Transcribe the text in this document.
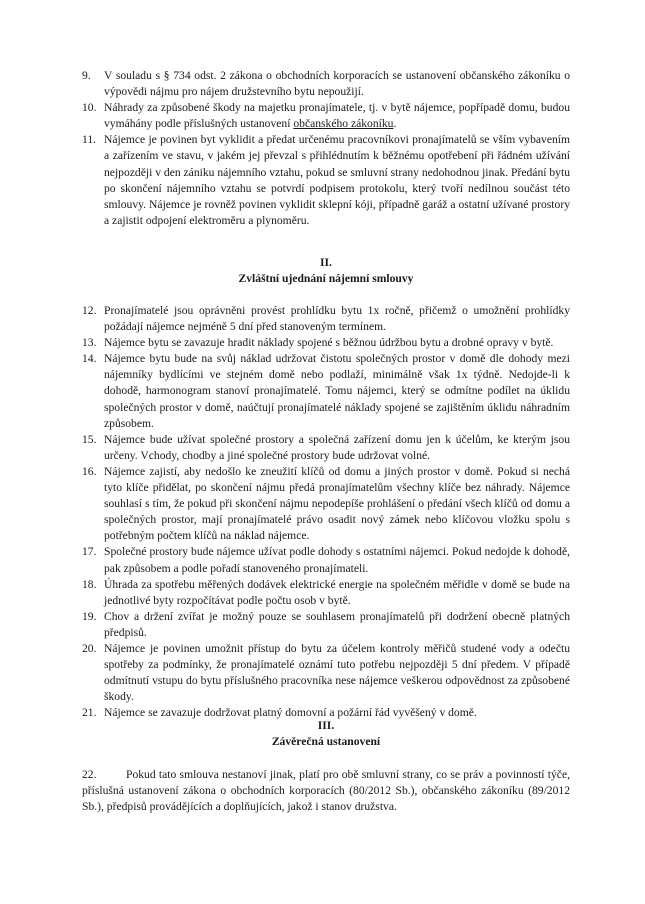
9. V souladu s § 734 odst. 2 zákona o obchodních korporacích se ustanovení občanského zákoníku o výpovědi nájmu pro nájem družstevního bytu nepoužijí.
10. Náhrady za způsobené škody na majetku pronajímatele, tj. v bytě nájemce, popřípadě domu, budou vymáhány podle příslušných ustanovení občanského zákoníku.
11. Nájemce je povinen byt vyklidit a předat určenému pracovníkovi pronajímatelů se vším vybavením a zařízením ve stavu, v jakém jej převzal s přihlédnutím k běžnému opotřebení při řádném užívání nejpozději v den zániku nájemního vztahu, pokud se smluvní strany nedohodnou jinak. Předání bytu po skončení nájemního vztahu se potvrdí podpisem protokolu, který tvoří nedílnou součást této smlouvy. Nájemce je rovněž povinen vyklidit sklepní kóji, případně garáž a ostatní užívané prostory a zajistit odpojení elektroměru a plynoměru.
II.
Zvláštní ujednání nájemní smlouvy
12. Pronajímatelé jsou oprávněni provést prohlídku bytu 1x ročně, přičemž o umožnění prohlídky požádají nájemce nejméně 5 dní před stanoveným termínem.
13. Nájemce bytu se zavazuje hradit náklady spojené s běžnou údržbou bytu a drobné opravy v bytě.
14. Nájemce bytu bude na svůj náklad udržovat čistotu společných prostor v domě dle dohody mezi nájemníky bydlícími ve stejném domě nebo podlaží, minimálně však 1x týdně. Nedojde-li k dohodě, harmonogram stanoví pronajímatelé. Tomu nájemci, který se odmítne podílet na úklidu společných prostor v domě, naúčtují pronajímatelé náklady spojené se zajištěním úklidu náhradním způsobem.
15. Nájemce bude užívat společné prostory a společná zařízení domu jen k účelům, ke kterým jsou určeny. Vchody, chodby a jiné společné prostory bude udržovat volné.
16. Nájemce zajistí, aby nedošlo ke zneužití klíčů od domu a jiných prostor v domě. Pokud si nechá tyto klíče přidělat, po skončení nájmu předá pronajímatelům všechny klíče bez náhrady. Nájemce souhlasí s tím, že pokud při skončení nájmu nepodepíše prohlášení o předání všech klíčů od domu a společných prostor, mají pronajímatelé právo osadit nový zámek nebo klíčovou vložku spolu s potřebným počtem klíčů na náklad nájemce.
17. Společné prostory bude nájemce užívat podle dohody s ostatními nájemci. Pokud nedojde k dohodě, pak způsobem a podle pořadí stanoveného pronajímateli.
18. Úhrada za spotřebu měřených dodávek elektrické energie na společném měřidle v domě se bude na jednotlivé byty rozpočítávat podle počtu osob v bytě.
19. Chov a držení zvířat je možný pouze se souhlasem pronajímatelů při dodržení obecně platných předpisů.
20. Nájemce je povinen umožnit přístup do bytu za účelem kontroly měřičů studené vody a odečtu spotřeby za podmínky, že pronajímatelé oznámí tuto potřebu nejpozději 5 dní předem. V případě odmítnutí vstupu do bytu příslušného pracovníka nese nájemce veškerou odpovědnost za způsobené škody.
21. Nájemce se zavazuje dodržovat platný domovní a požární řád vyvěšený v domě.
III.
Závěrečná ustanovení
22.	Pokud tato smlouva nestanoví jinak, platí pro obě smluvní strany, co se práv a povinností týče, příslušná ustanovení zákona o obchodních korporacích (80/2012 Sb.), občanského zákoníku (89/2012 Sb.), předpisů provádějících a doplňujících, jakož i stanov družstva.
